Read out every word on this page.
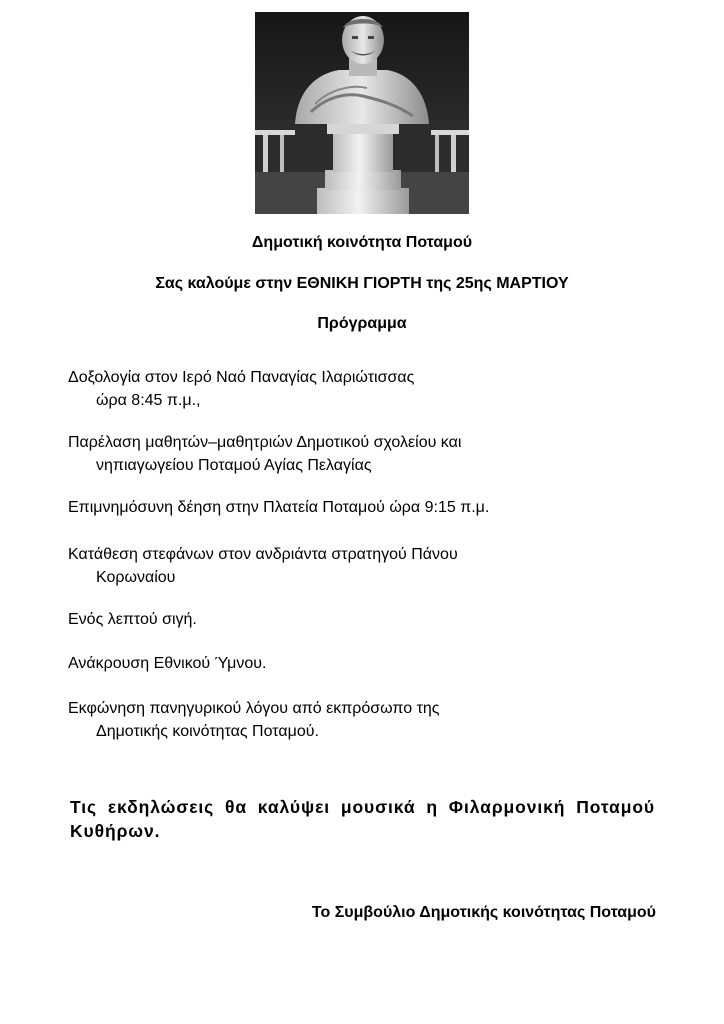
Δημοτική κοινότητα Ποταμού
Σας καλούμε στην ΕΘΝΙΚΗ ΓΙΟΡΤΗ της 25ης ΜΑΡΤΙΟΥ
Πρόγραμμα
Δοξολογία στον Ιερό Ναό Παναγίας Ιλαριώτισσας
ώρα 8:45 π.μ.,
Παρέλαση μαθητών–μαθητριών Δημοτικού σχολείου και
νηπιαγωγείου Ποταμού Αγίας Πελαγίας
Επιμνημόσυνη δέηση στην Πλατεία Ποταμού ώρα 9:15 π.μ.
Κατάθεση στεφάνων στον ανδριάντα στρατηγού Πάνου
Κορωναίου
Ενός λεπτού σιγή.
Ανάκρουση Εθνικού Ύμνου.
Εκφώνηση πανηγυρικού λόγου από εκπρόσωπο της
Δημοτικής κοινότητας Ποταμού.
Τις εκδηλώσεις θα καλύψει μουσικά η Φιλαρμονική Ποταμού Κυθήρων.
Το Συμβούλιο Δημοτικής κοινότητας Ποταμού
